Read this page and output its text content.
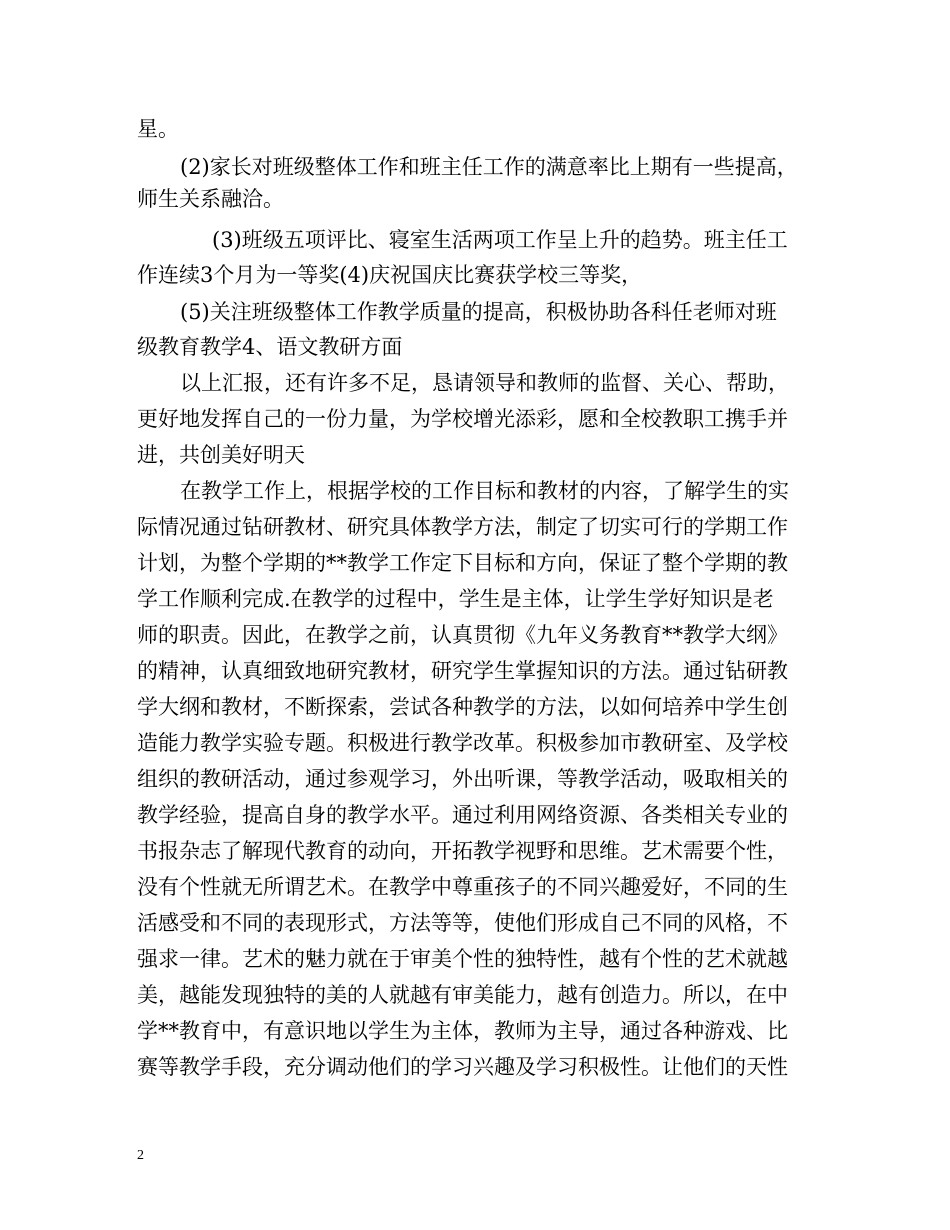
星。
(2)家长对班级整体工作和班主任工作的满意率比上期有一些提高，
师生关系融洽。
(3)班级五项评比、寝室生活两项工作呈上升的趋势。班主任工
作连续3个月为一等奖(4)庆祝国庆比赛获学校三等奖，
(5)关注班级整体工作教学质量的提高，积极协助各科任老师对班
级教育教学4、语文教研方面
以上汇报，还有许多不足，恳请领导和教师的监督、关心、帮助，
更好地发挥自己的一份力量，为学校增光添彩，愿和全校教职工携手并
进，共创美好明天
在教学工作上，根据学校的工作目标和教材的内容，了解学生的实
际情况通过钻研教材、研究具体教学方法，制定了切实可行的学期工作
计划，为整个学期的**教学工作定下目标和方向，保证了整个学期的教
学工作顺利完成.在教学的过程中，学生是主体，让学生学好知识是老
师的职责。因此，在教学之前，认真贯彻《九年义务教育**教学大纲》
的精神，认真细致地研究教材，研究学生掌握知识的方法。通过钻研教
学大纲和教材，不断探索，尝试各种教学的方法，以如何培养中学生创
造能力教学实验专题。积极进行教学改革。积极参加市教研室、及学校
组织的教研活动，通过参观学习，外出听课，等教学活动，吸取相关的
教学经验，提高自身的教学水平。通过利用网络资源、各类相关专业的
书报杂志了解现代教育的动向，开拓教学视野和思维。艺术需要个性，
没有个性就无所谓艺术。在教学中尊重孩子的不同兴趣爱好，不同的生
活感受和不同的表现形式，方法等等，使他们形成自己不同的风格，不
强求一律。艺术的魅力就在于审美个性的独特性，越有个性的艺术就越
美，越能发现独特的美的人就越有审美能力，越有创造力。所以，在中
学**教育中，有意识地以学生为主体，教师为主导，通过各种游戏、比
赛等教学手段，充分调动他们的学习兴趣及学习积极性。让他们的天性
2
